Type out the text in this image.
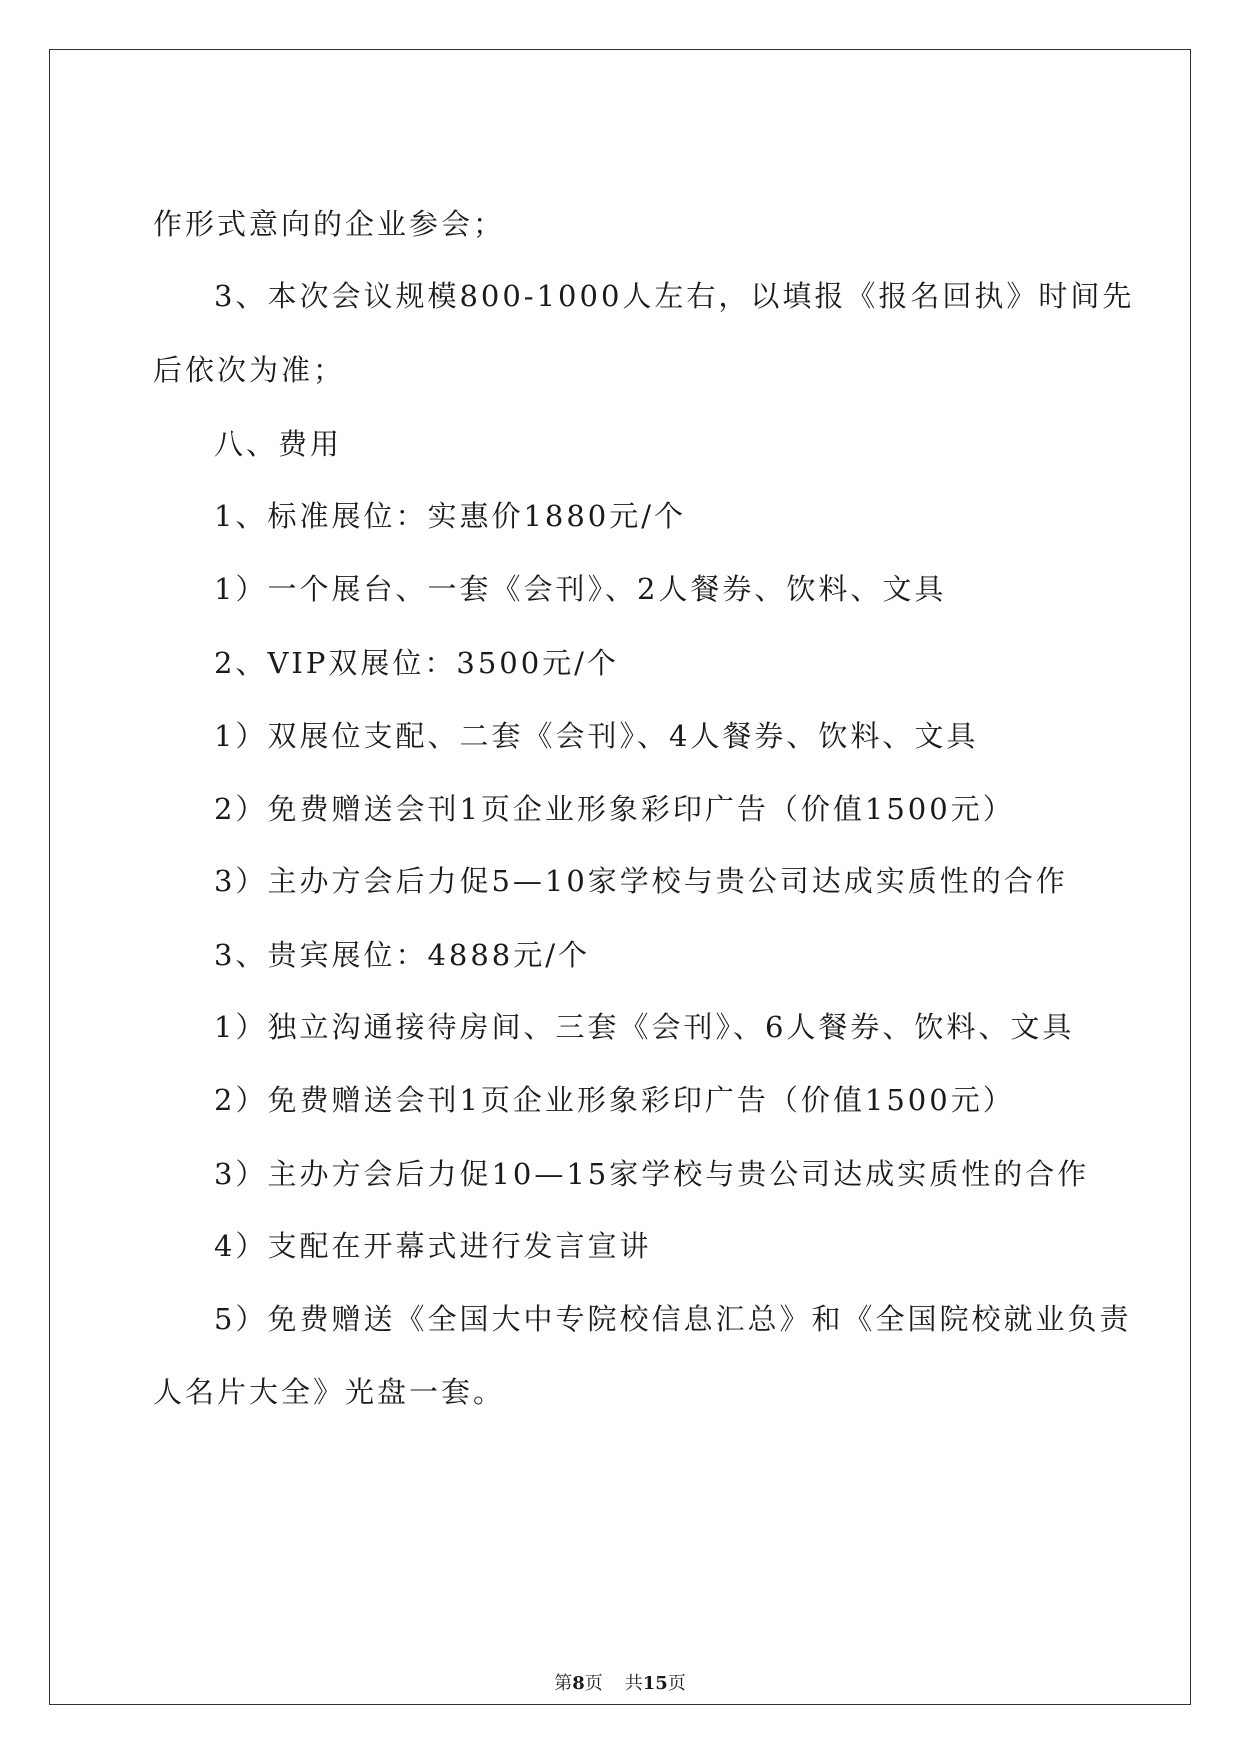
作形式意向的企业参会；
3、本次会议规模800-1000人左右，以填报《报名回执》时间先
后依次为准；
八、费用
1、标准展位：实惠价1880元/个
1）一个展台、一套《会刊》、2人餐券、饮料、文具
2、VIP双展位：3500元/个
1）双展位支配、二套《会刊》、4人餐券、饮料、文具
2）免费赠送会刊1页企业形象彩印广告（价值1500元）
3）主办方会后力促5—10家学校与贵公司达成实质性的合作
3、贵宾展位：4888元/个
1）独立沟通接待房间、三套《会刊》、6人餐券、饮料、文具
2）免费赠送会刊1页企业形象彩印广告（价值1500元）
3）主办方会后力促10—15家学校与贵公司达成实质性的合作
4）支配在开幕式进行发言宣讲
5）免费赠送《全国大中专院校信息汇总》和《全国院校就业负责
人名片大全》光盘一套。
第8页 共15页
